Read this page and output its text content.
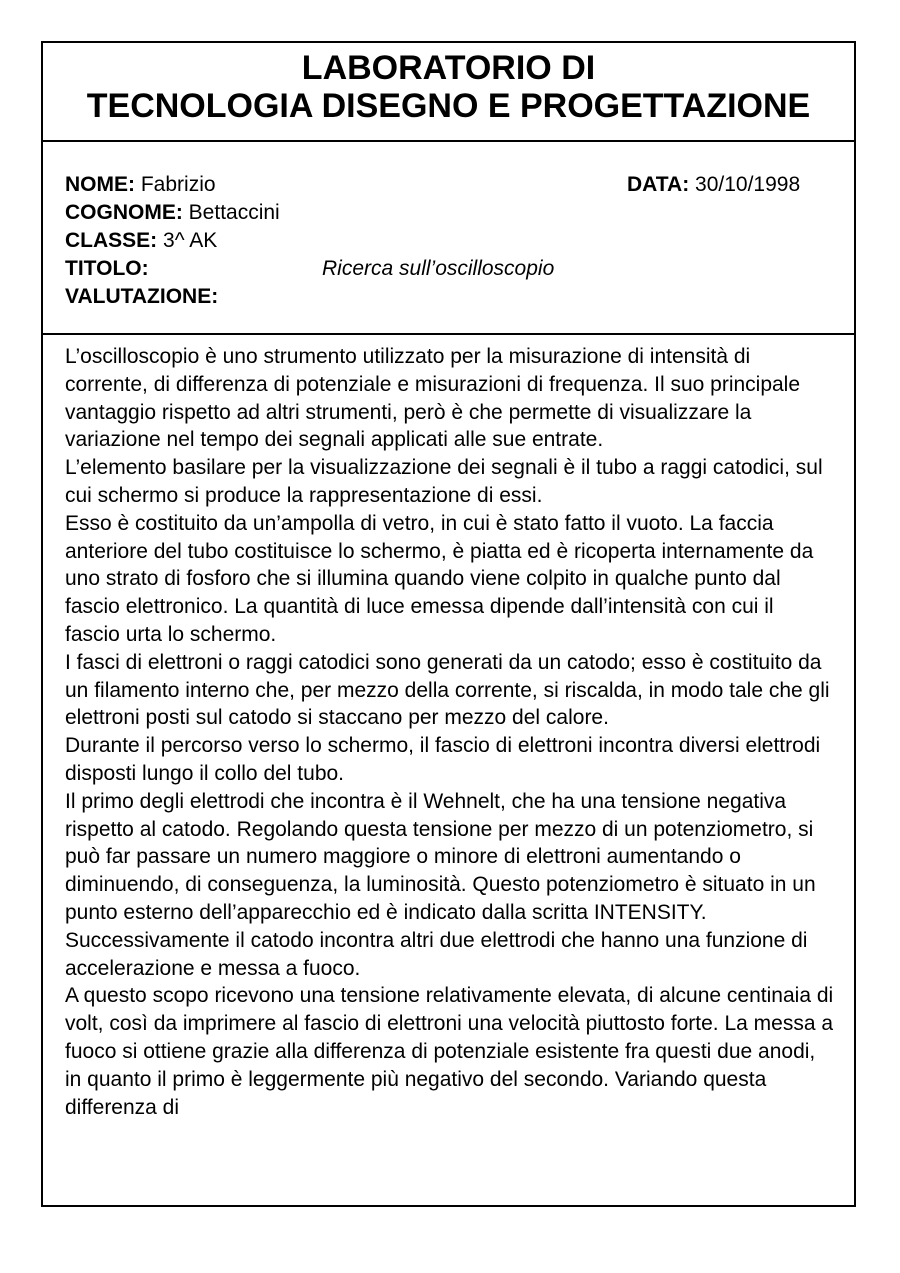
LABORATORIO DI
TECNOLOGIA DISEGNO E PROGETTAZIONE
NOME: Fabrizio	DATA: 30/10/1998
COGNOME: Bettaccini
CLASSE: 3^ AK
TITOLO:	Ricerca sull’oscilloscopio
VALUTAZIONE:

L’oscilloscopio è uno strumento utilizzato per la misurazione di intensità di corrente, di differenza di potenziale e misurazioni di frequenza. Il suo principale vantaggio rispetto ad altri strumenti, però è che permette di visualizzare la variazione nel tempo dei segnali applicati alle sue entrate.

L’elemento basilare per la visualizzazione dei segnali è il tubo a raggi catodici, sul cui schermo si produce la rappresentazione di essi.

Esso è costituito da un’ampolla di vetro, in cui è stato fatto il vuoto. La faccia anteriore del tubo costituisce lo schermo, è piatta ed è ricoperta internamente da uno strato di fosforo che si illumina quando viene colpito in qualche punto dal fascio elettronico. La quantità di luce emessa dipende dall’intensità con cui il fascio urta lo schermo.

I fasci di elettroni o raggi catodici sono generati da un catodo; esso è costituito da un filamento interno che, per mezzo della corrente, si riscalda, in modo tale che gli elettroni posti sul catodo si staccano per mezzo del calore.

Durante il percorso verso lo schermo, il fascio di elettroni incontra diversi elettrodi disposti lungo il collo del tubo.

Il primo degli elettrodi che incontra è il Wehnelt, che ha una tensione negativa rispetto al catodo. Regolando questa tensione per mezzo di un potenziometro, si può far passare un numero maggiore o minore di elettroni aumentando o diminuendo, di conseguenza, la luminosità. Questo potenziometro è situato in un punto esterno dell’apparecchio ed è indicato dalla scritta INTENSITY.

Successivamente il catodo incontra altri due elettrodi che hanno una funzione di accelerazione e messa a fuoco.

A questo scopo ricevono una tensione relativamente elevata, di alcune centinaia di volt, così da imprimere al fascio di elettroni una velocità piuttosto forte. La messa a fuoco si ottiene grazie alla differenza di potenziale esistente fra questi due anodi, in quanto il primo è leggermente più negativo del secondo. Variando questa differenza di
